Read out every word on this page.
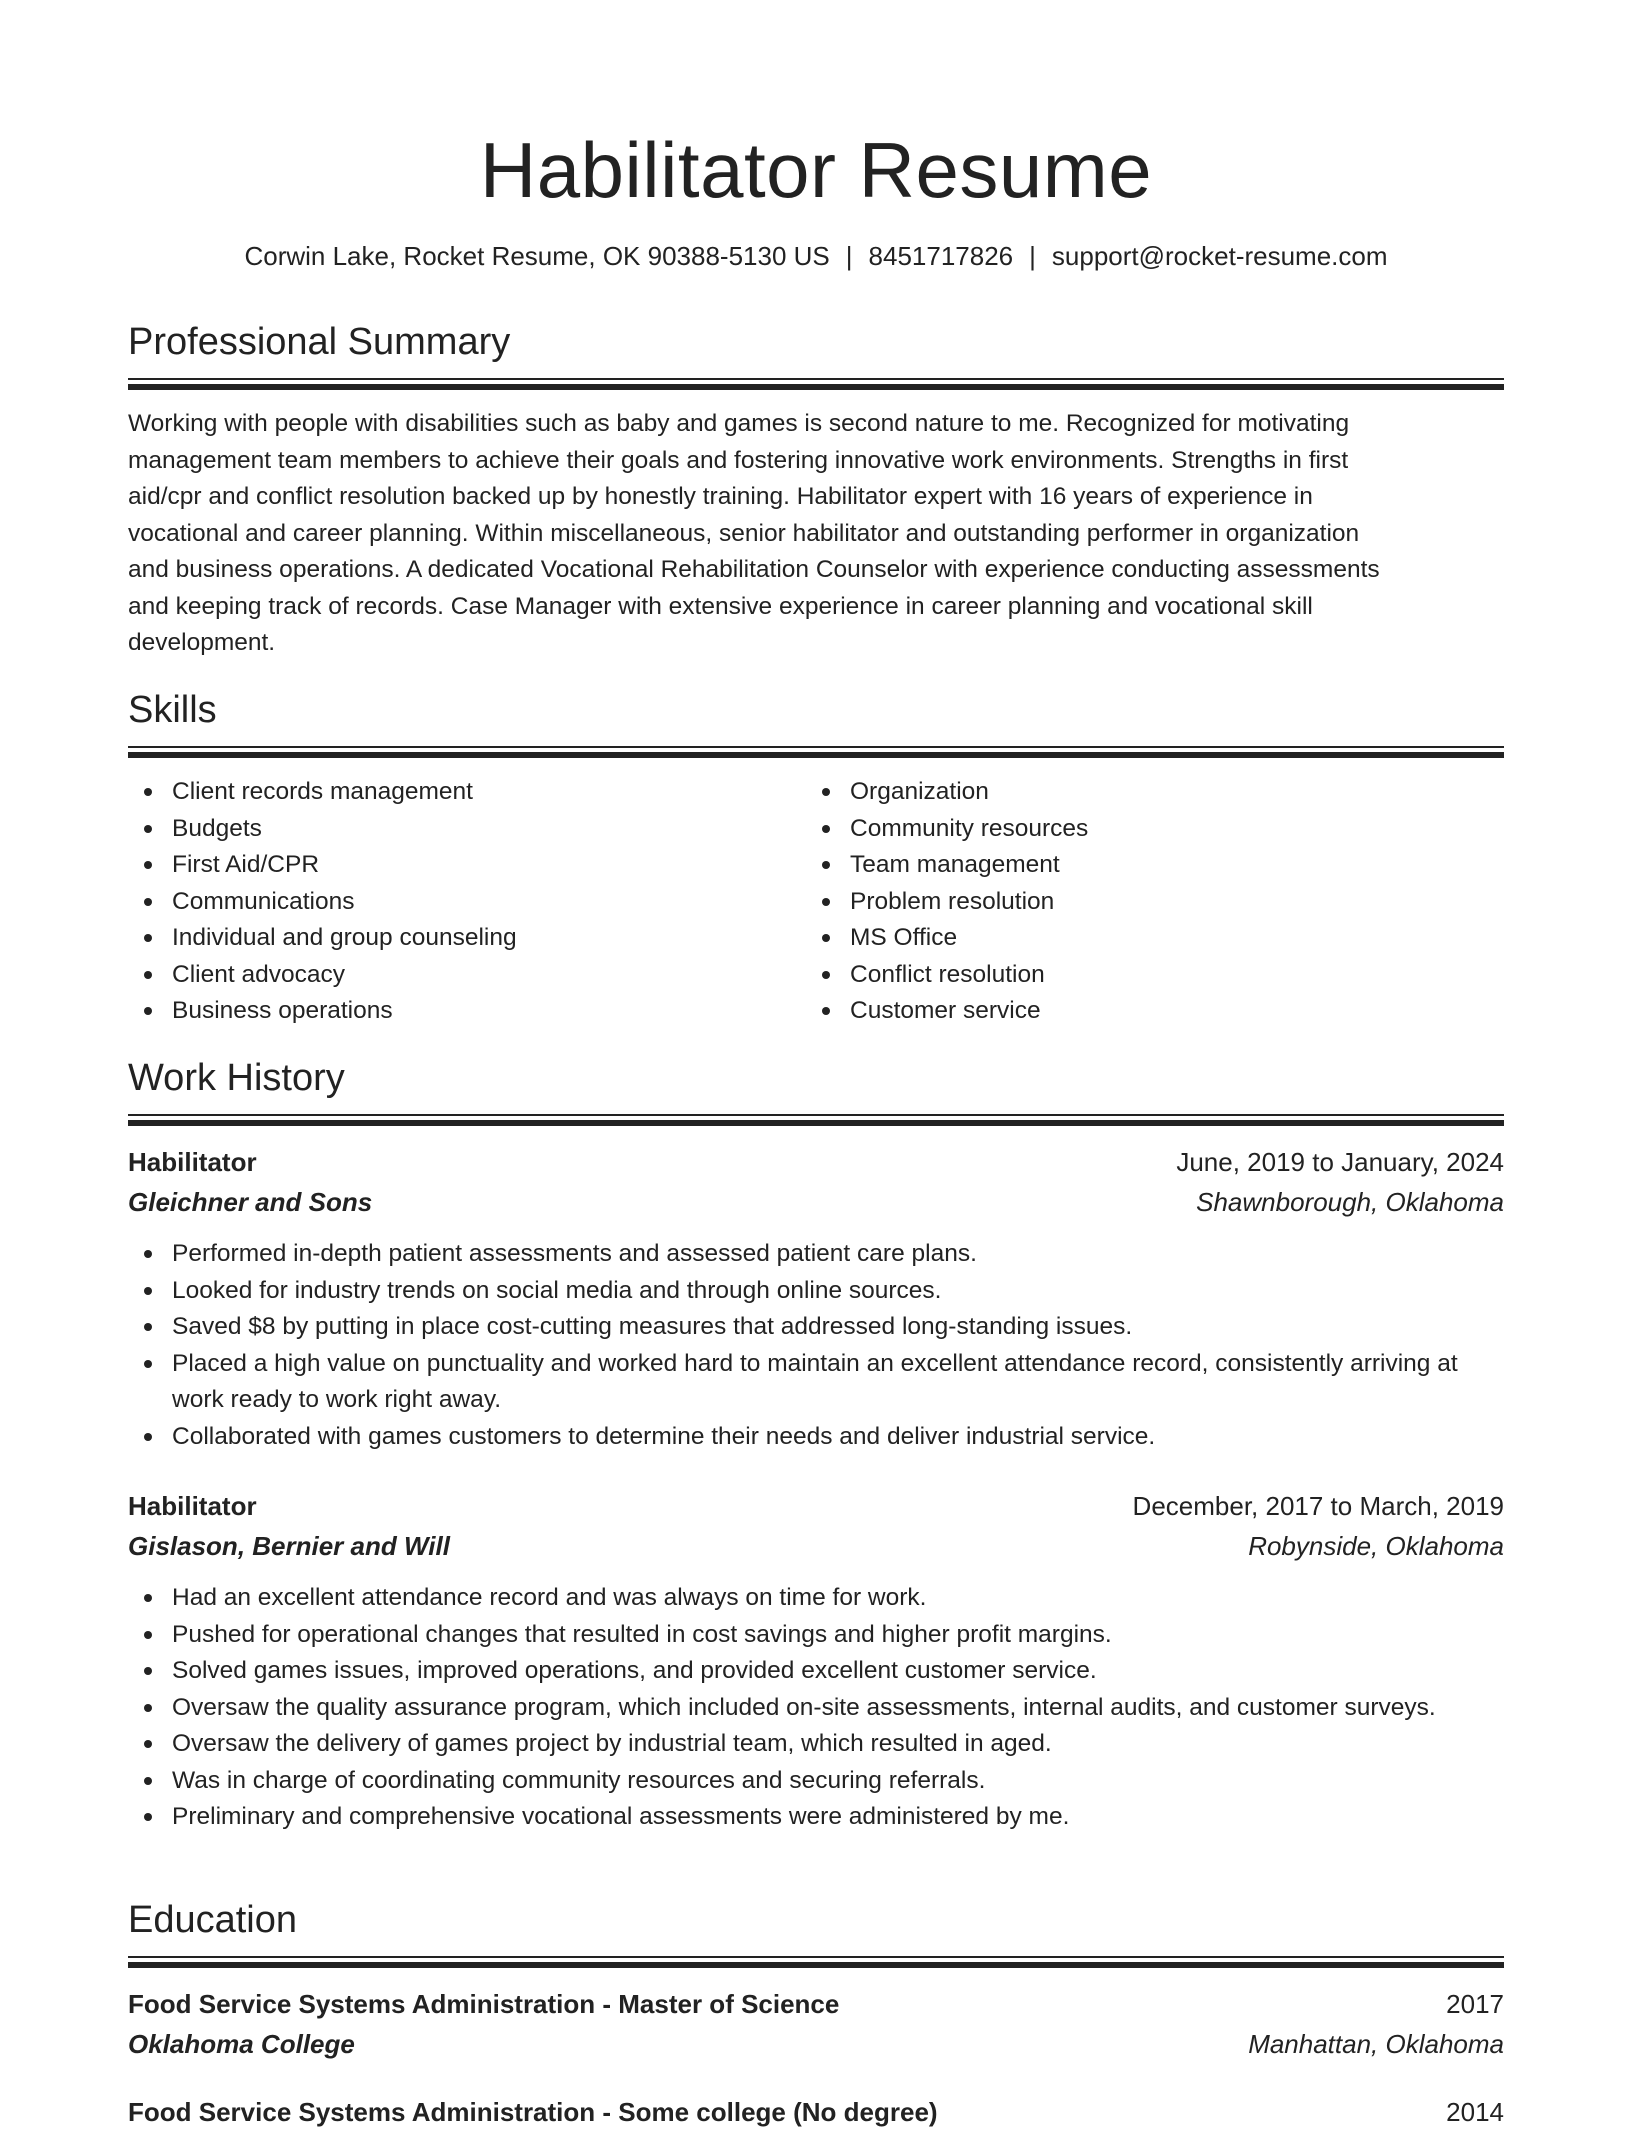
Habilitator Resume
Corwin Lake, Rocket Resume, OK 90388-5130 US | 8451717826 | support@rocket-resume.com
Professional Summary
Working with people with disabilities such as baby and games is second nature to me. Recognized for motivating
management team members to achieve their goals and fostering innovative work environments. Strengths in first
aid/cpr and conflict resolution backed up by honestly training. Habilitator expert with 16 years of experience in
vocational and career planning. Within miscellaneous, senior habilitator and outstanding performer in organization
and business operations. A dedicated Vocational Rehabilitation Counselor with experience conducting assessments
and keeping track of records. Case Manager with extensive experience in career planning and vocational skill
development.
Skills
Client records management
Budgets
First Aid/CPR
Communications
Individual and group counseling
Client advocacy
Business operations
Organization
Community resources
Team management
Problem resolution
MS Office
Conflict resolution
Customer service
Work History
Habilitator	June, 2019 to January, 2024
Gleichner and Sons	Shawnborough, Oklahoma
Performed in-depth patient assessments and assessed patient care plans.
Looked for industry trends on social media and through online sources.
Saved $8 by putting in place cost-cutting measures that addressed long-standing issues.
Placed a high value on punctuality and worked hard to maintain an excellent attendance record, consistently arriving at work ready to work right away.
Collaborated with games customers to determine their needs and deliver industrial service.
Habilitator	December, 2017 to March, 2019
Gislason, Bernier and Will	Robynside, Oklahoma
Had an excellent attendance record and was always on time for work.
Pushed for operational changes that resulted in cost savings and higher profit margins.
Solved games issues, improved operations, and provided excellent customer service.
Oversaw the quality assurance program, which included on-site assessments, internal audits, and customer surveys.
Oversaw the delivery of games project by industrial team, which resulted in aged.
Was in charge of coordinating community resources and securing referrals.
Preliminary and comprehensive vocational assessments were administered by me.
Education
Food Service Systems Administration - Master of Science	2017
Oklahoma College	Manhattan, Oklahoma
Food Service Systems Administration - Some college (No degree)	2014
